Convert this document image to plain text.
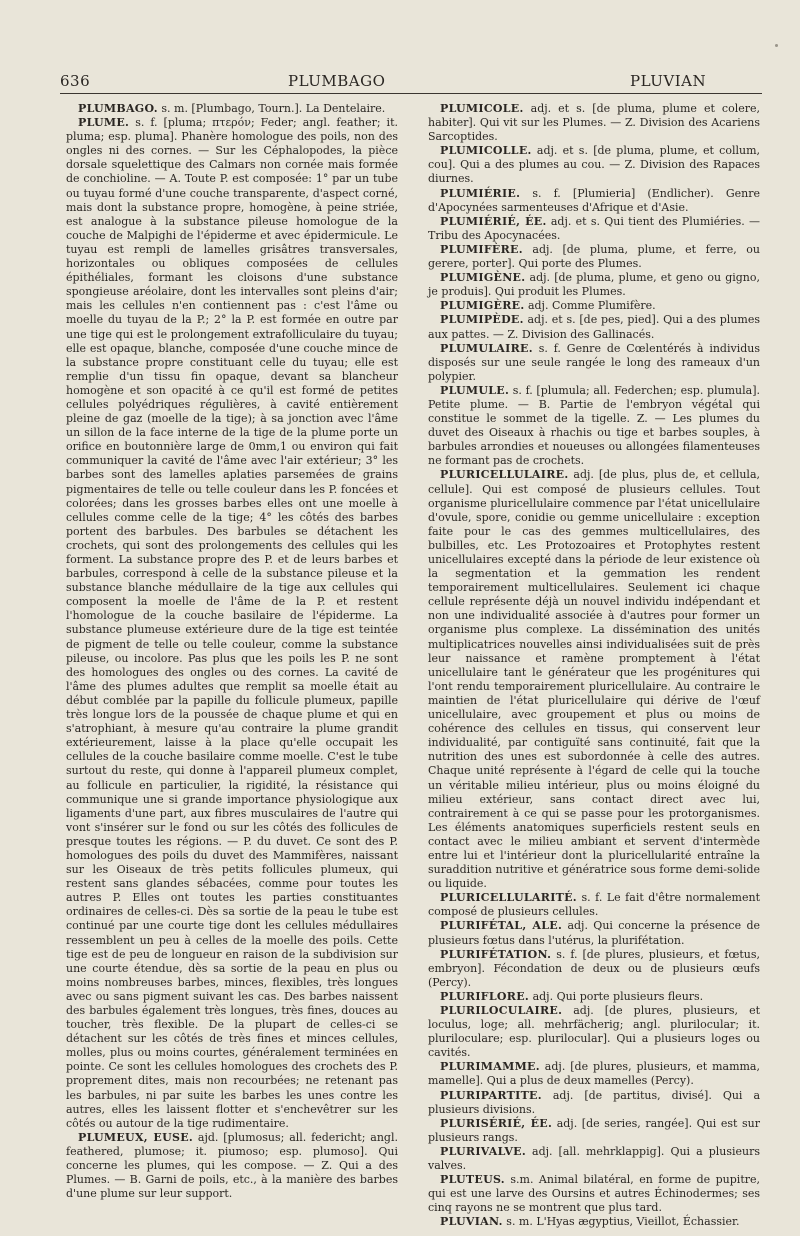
636	PLUMBAGO	PLUVIAN

PLUMBAGO. s. m. [Plumbago, Tourn.]. La Dentelaire.

PLUME. s. f. [pluma; πτερόν; Feder; angl. feather; it. pluma; esp. pluma]. Phanère homologue des poils, non des ongles ni des cornes. — Sur les Céphalopodes, la pièce dorsale squelettique des Calmars non cornée mais formée de conchioline. — A. Toute P. est composée: 1° par un tube ou tuyau formé d'une couche transparente, d'aspect corné, mais dont la substance propre, homogène, à peine striée, est analogue à la substance pileuse homologue de la couche de Malpighi de l'épiderme et avec épidermicule. Le tuyau est rempli de lamelles grisâtres transversales, horizontales ou obliques composées de cellules épithéliales, formant les cloisons d'une substance spongieuse aréolaire, dont les intervalles sont pleins d'air; mais les cellules n'en contiennent pas : c'est l'âme ou moelle du tuyau de la P.; 2° la P. est formée en outre par une tige qui est le prolongement extrafolliculaire du tuyau; elle est opaque, blanche, composée d'une couche mince de la substance propre constituant celle du tuyau; elle est remplie d'un tissu fin opaque, devant sa blancheur homogène et son opacité à ce qu'il est formé de petites cellules polyédriques régulières, à cavité entièrement pleine de gaz (moelle de la tige); à sa jonction avec l'âme un sillon de la face interne de la tige de la plume porte un orifice en boutonnière large de 0mm,1 ou environ qui fait communiquer la cavité de l'âme avec l'air extérieur; 3° les barbes sont des lamelles aplaties parsemées de grains pigmentaires de telle ou telle couleur dans les P. foncées et colorées; dans les grosses barbes elles ont une moelle à cellules comme celle de la tige; 4° les côtés des barbes portent des barbules. Des barbules se détachent les crochets, qui sont des prolongements des cellules qui les forment. La substance propre des P. et de leurs barbes et barbules, correspond à celle de la substance pileuse et la substance blanche médullaire de la tige aux cellules qui composent la moelle de l'âme de la P. et restent l'homologue de la couche basilaire de l'épiderme. La substance plumeuse extérieure dure de la tige est teintée de pigment de telle ou telle couleur, comme la substance pileuse, ou incolore. Pas plus que les poils les P. ne sont des homologues des ongles ou des cornes. La cavité de l'âme des plumes adultes que remplit sa moelle était au début comblée par la papille du follicule plumeux, papille très longue lors de la poussée de chaque plume et qui en s'atrophiant, à mesure qu'au contraire la plume grandit extérieurement, laisse à la place qu'elle occupait les cellules de la couche basilaire comme moelle. C'est le tube surtout du reste, qui donne à l'appareil plumeux complet, au follicule en particulier, la rigidité, la résistance qui communique une si grande importance physiologique aux ligaments d'une part, aux fibres musculaires de l'autre qui vont s'insérer sur le fond ou sur les côtés des follicules de presque toutes les régions. — P. du duvet. Ce sont des P. homologues des poils du duvet des Mammifères, naissant sur les Oiseaux de très petits follicules plumeux, qui restent sans glandes sébacées, comme pour toutes les autres P. Elles ont toutes les parties constituantes ordinaires de celles-ci. Dès sa sortie de la peau le tube est continué par une courte tige dont les cellules médullaires ressemblent un peu à celles de la moelle des poils. Cette tige est de peu de longueur en raison de la subdivision sur une courte étendue, dès sa sortie de la peau en plus ou moins nombreuses barbes, minces, flexibles, très longues avec ou sans pigment suivant les cas. Des barbes naissent des barbules également très longues, très fines, douces au toucher, très flexible. De la plupart de celles-ci se détachent sur les côtés de très fines et minces cellules, molles, plus ou moins courtes, généralement terminées en pointe. Ce sont les cellules homologues des crochets des P. proprement dites, mais non recourbées; ne retenant pas les barbules, ni par suite les barbes les unes contre les autres, elles les laissent flotter et s'enchevêtrer sur les côtés ou autour de la tige rudimentaire.

PLUMEUX, EUSE. ajd. [plumosus; all. federicht; angl. feathered, plumose; it. piumoso; esp. plumoso]. Qui concerne les plumes, qui les compose. — Z. Qui a des Plumes. — B. Garni de poils, etc., à la manière des barbes d'une plume sur leur support.

PLUMICOLE. adj. et s. [de pluma, plume et colere, habiter]. Qui vit sur les Plumes. — Z. Division des Acariens Sarcoptides.

PLUMICOLLE. adj. et s. [de pluma, plume, et collum, cou]. Qui a des plumes au cou. — Z. Division des Rapaces diurnes.

PLUMIÉRIE. s. f. [Plumieria] (Endlicher). Genre d'Apocynées sarmenteuses d'Afrique et d'Asie.

PLUMIÉRIÉ, ÉE. adj. et s. Qui tient des Plumiéries. — Tribu des Apocynacées.

PLUMIFÈRE. adj. [de pluma, plume, et ferre, ou gerere, porter]. Qui porte des Plumes.

PLUMIGÈNE. adj. [de pluma, plume, et geno ou gigno, je produis]. Qui produit les Plumes.

PLUMIGÈRE. adj. Comme Plumifère.

PLUMIPÈDE. adj. et s. [de pes, pied]. Qui a des plumes aux pattes. — Z. Division des Gallinacés.

PLUMULAIRE. s. f. Genre de Cœlentérés à individus disposés sur une seule rangée le long des rameaux d'un polypier.

PLUMULE. s. f. [plumula; all. Federchen; esp. plumula]. Petite plume. — B. Partie de l'embryon végétal qui constitue le sommet de la tigelle. Z. — Les plumes du duvet des Oiseaux à rhachis ou tige et barbes souples, à barbules arrondies et noueuses ou allongées filamenteuses ne formant pas de crochets.

PLURICELLULAIRE. adj. [de plus, plus de, et cellula, cellule]. Qui est composé de plusieurs cellules. Tout organisme pluricellulaire commence par l'état unicellulaire d'ovule, spore, conidie ou gemme unicellulaire : exception faite pour le cas des gemmes multicellulaires, des bulbilles, etc. Les Protozoaires et Protophytes restent unicellulaires excepté dans la période de leur existence où la segmentation et la gemmation les rendent temporairement multicellulaires. Seulement ici chaque cellule représente déjà un nouvel individu indépendant et non une individualité associée à d'autres pour former un organisme plus complexe. La dissémination des unités multiplicatrices nouvelles ainsi individualisées suit de près leur naissance et ramène promptement à l'état unicellulaire tant le générateur que les progénitures qui l'ont rendu temporairement pluricellulaire. Au contraire le maintien de l'état pluricellulaire qui dérive de l'œuf unicellulaire, avec groupement et plus ou moins de cohérence des cellules en tissus, qui conservent leur individualité, par contiguïté sans continuité, fait que la nutrition des unes est subordonnée à celle des autres. Chaque unité représente à l'égard de celle qui la touche un véritable milieu intérieur, plus ou moins éloigné du milieu extérieur, sans contact direct avec lui, contrairement à ce qui se passe pour les protorganismes. Les éléments anatomiques superficiels restent seuls en contact avec le milieu ambiant et servent d'intermède entre lui et l'intérieur dont la pluricellularité entraîne la suraddition nutritive et génératrice sous forme demi-solide ou liquide.

PLURICELLULARITÉ. s. f. Le fait d'être normalement composé de plusieurs cellules.

PLURIFÉTAL, ALE. adj. Qui concerne la présence de plusieurs fœtus dans l'utérus, la plurifétation.

PLURIFÉTATION. s. f. [de plures, plusieurs, et fœtus, embryon]. Fécondation de deux ou de plusieurs œufs (Percy).

PLURIFLORE. adj. Qui porte plusieurs fleurs.

PLURILOCULAIRE. adj. [de plures, plusieurs, et loculus, loge; all. mehrfächerig; angl. plurilocular; it. pluriloculare; esp. plurilocular]. Qui a plusieurs loges ou cavités.

PLURIMAMME. adj. [de plures, plusieurs, et mamma, mamelle]. Qui a plus de deux mamelles (Percy).

PLURIPARTITE. adj. [de partitus, divisé]. Qui a plusieurs divisions.

PLURISÉRIÉ, ÉE. adj. [de series, rangée]. Qui est sur plusieurs rangs.

PLURIVALVE. adj. [all. mehrklappig]. Qui a plusieurs valves.

PLUTEUS. s.m. Animal bilatéral, en forme de pupitre, qui est une larve des Oursins et autres Échinodermes; ses cinq rayons ne se montrent que plus tard.

PLUVIAN. s. m. L'Hyas ægyptius, Vieillot, Échassier.
